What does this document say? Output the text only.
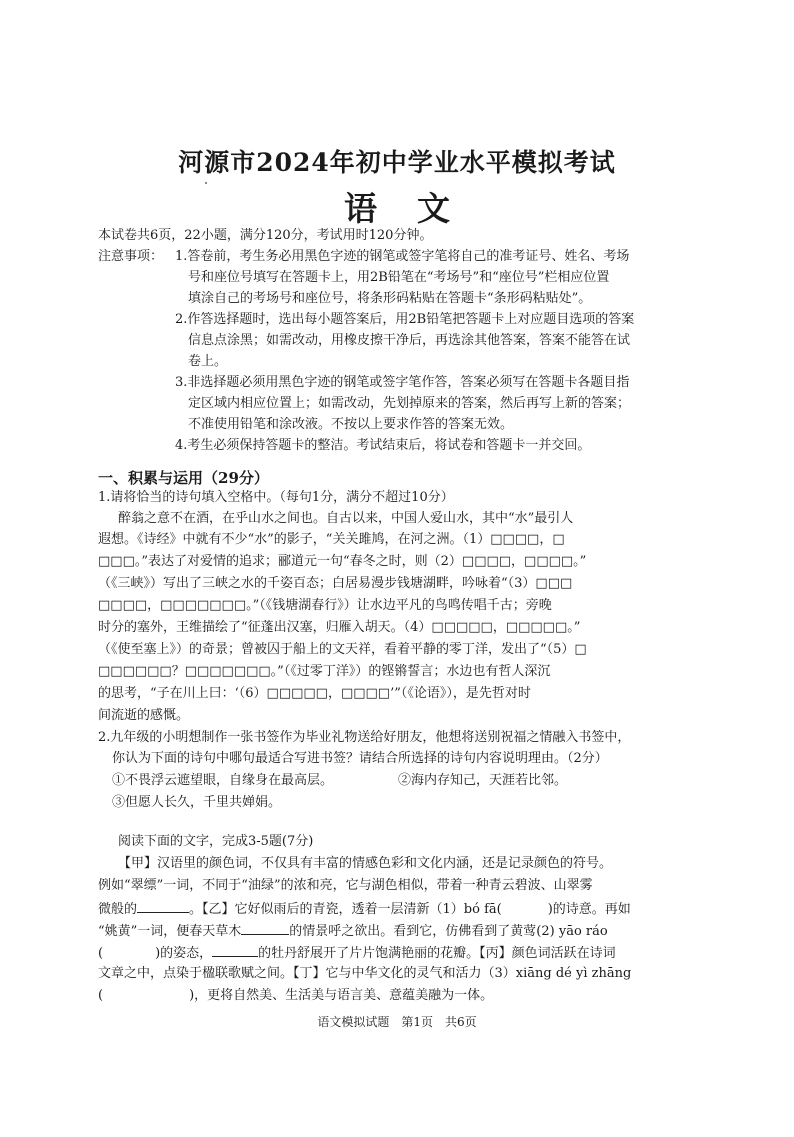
河源市2024年初中学业水平模拟考试
语文
本试卷共6页，22小题，满分120分，考试用时120分钟。
注意事项： 1.答卷前，考生务必用黑色字迹的钢笔或签字笔将自己的准考证号、姓名、考场
号和座位号填写在答题卡上，用2B铅笔在“考场号”和“座位号”栏相应位置
填涂自己的考场号和座位号，将条形码粘贴在答题卡“条形码粘贴处”。
2.作答选择题时，选出每小题答案后，用2B铅笔把答题卡上对应题目选项的答案
信息点涂黑；如需改动，用橡皮擦干净后，再选涂其他答案，答案不能答在试
卷上。
3.非选择题必须用黑色字迹的钢笔或签字笔作答，答案必须写在答题卡各题目指
定区域内相应位置上；如需改动，先划掉原来的答案，然后再写上新的答案；
不准使用铅笔和涂改液。不按以上要求作答的答案无效。
4.考生必须保持答题卡的整洁。考试结束后，将试卷和答题卡一并交回。
一、积累与运用（29分）
1.请将恰当的诗句填入空格中。（每句1分，满分不超过10分）
醉翁之意不在酒，在乎山水之间也。自古以来，中国人爱山水，其中“水”最引人
遐想。《诗经》中就有不少“水”的影子，“关关雎鸠，在河之洲。（1）□□□□，□
□□□。”表达了对爱情的追求；郦道元一句“春冬之时，则（2）□□□□，□□□□。”
（《三峡》）写出了三峡之水的千姿百态；白居易漫步钱塘湖畔，吟咏着“（3）□□□
□□□□，□□□□□□□。”（《钱塘湖春行》）让水边平凡的鸟鸣传唱千古；旁晚
时分的塞外，王维描绘了“征蓬出汉塞，归雁入胡天。（4）□□□□□，□□□□□。”
（《使至塞上》）的奇景；曾被囚于船上的文天祥，看着平静的零丁洋，发出了“（5）□
□□□□□□？□□□□□□□。”（《过零丁洋》）的铿锵誓言；水边也有哲人深沉
的思考，“子在川上曰：‘（6）□□□□□，□□□□’”（《论语》），是先哲对时
间流逝的感慨。
2.九年级的小明想制作一张书签作为毕业礼物送给好朋友，他想将送别祝福之情融入书签中，
你认为下面的诗句中哪句最适合写进书签？请结合所选择的诗句内容说明理由。（2分）
①不畏浮云遮望眼，自缘身在最高层。	②海内存知己，天涯若比邻。
③但愿人长久，千里共婵娟。
阅读下面的文字，完成3-5题(7分)
【甲】汉语里的颜色词，不仅具有丰富的情感色彩和文化内涵，还是记录颜色的符号。
例如“翠缥”一词，不同于“油绿”的浓和亮，它与湖色相似，带着一种青云碧波、山翠雾
微般的	。【乙】它好似雨后的青瓷，透着一层清新（1）bó fā(	)的诗意。再如
“姚黄”一词，便春天草木	的情景呼之欲出。看到它，仿佛看到了黄莺(2) yāo ráo
(	)的姿态，	的牡丹舒展开了片片饱满艳丽的花瓣。【丙】颜色词活跃在诗词
文章之中，点染于楹联歌赋之间。【丁】它与中华文化的灵气和活力（3）xiāng dé yì zhāng
(	)，更将自然美、生活美与语言美、意蕴美融为一体。
语文模拟试题　第1页　共6页
